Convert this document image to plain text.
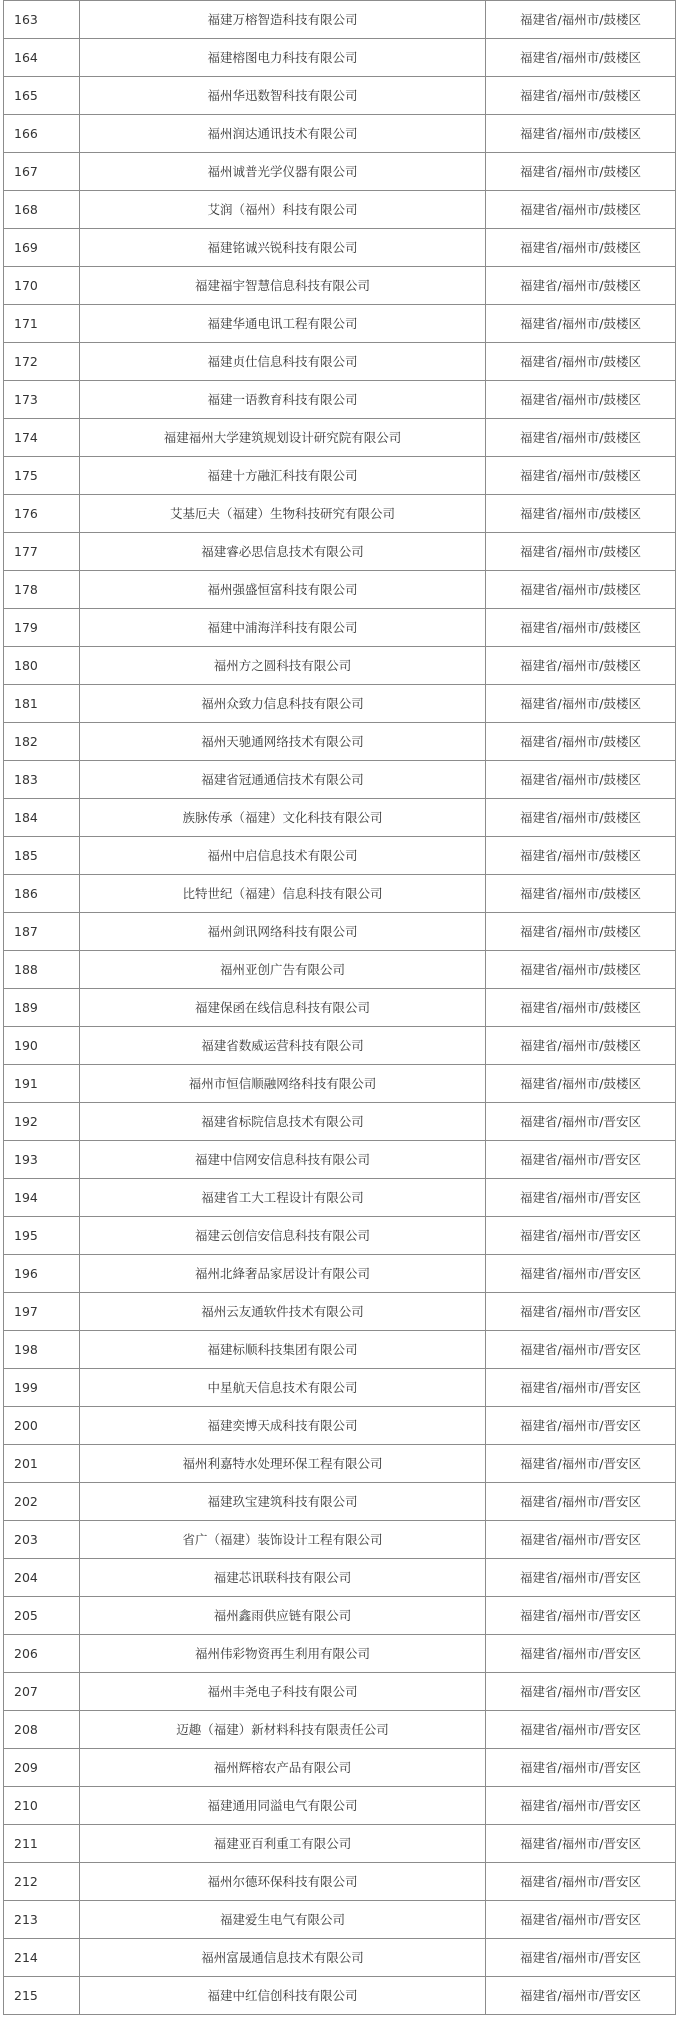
163	福建万榕智造科技有限公司	福建省/福州市/鼓楼区
164	福建榕图电力科技有限公司	福建省/福州市/鼓楼区
165	福州华迅数智科技有限公司	福建省/福州市/鼓楼区
166	福州润达通讯技术有限公司	福建省/福州市/鼓楼区
167	福州诚普光学仪器有限公司	福建省/福州市/鼓楼区
168	艾润（福州）科技有限公司	福建省/福州市/鼓楼区
169	福建铭诚兴锐科技有限公司	福建省/福州市/鼓楼区
170	福建福宇智慧信息科技有限公司	福建省/福州市/鼓楼区
171	福建华通电讯工程有限公司	福建省/福州市/鼓楼区
172	福建贞仕信息科技有限公司	福建省/福州市/鼓楼区
173	福建一语教育科技有限公司	福建省/福州市/鼓楼区
174	福建福州大学建筑规划设计研究院有限公司	福建省/福州市/鼓楼区
175	福建十方融汇科技有限公司	福建省/福州市/鼓楼区
176	艾基厄夫（福建）生物科技研究有限公司	福建省/福州市/鼓楼区
177	福建睿必思信息技术有限公司	福建省/福州市/鼓楼区
178	福州强盛恒富科技有限公司	福建省/福州市/鼓楼区
179	福建中浦海洋科技有限公司	福建省/福州市/鼓楼区
180	福州方之圆科技有限公司	福建省/福州市/鼓楼区
181	福州众致力信息科技有限公司	福建省/福州市/鼓楼区
182	福州天驰通网络技术有限公司	福建省/福州市/鼓楼区
183	福建省冠通通信技术有限公司	福建省/福州市/鼓楼区
184	族脉传承（福建）文化科技有限公司	福建省/福州市/鼓楼区
185	福州中启信息技术有限公司	福建省/福州市/鼓楼区
186	比特世纪（福建）信息科技有限公司	福建省/福州市/鼓楼区
187	福州剑讯网络科技有限公司	福建省/福州市/鼓楼区
188	福州亚创广告有限公司	福建省/福州市/鼓楼区
189	福建保函在线信息科技有限公司	福建省/福州市/鼓楼区
190	福建省数威运营科技有限公司	福建省/福州市/鼓楼区
191	福州市恒信顺融网络科技有限公司	福建省/福州市/鼓楼区
192	福建省标院信息技术有限公司	福建省/福州市/晋安区
193	福建中信网安信息科技有限公司	福建省/福州市/晋安区
194	福建省工大工程设计有限公司	福建省/福州市/晋安区
195	福建云创信安信息科技有限公司	福建省/福州市/晋安区
196	福州北綘奢品家居设计有限公司	福建省/福州市/晋安区
197	福州云友通软件技术有限公司	福建省/福州市/晋安区
198	福建标顺科技集团有限公司	福建省/福州市/晋安区
199	中星航天信息技术有限公司	福建省/福州市/晋安区
200	福建奕博天成科技有限公司	福建省/福州市/晋安区
201	福州利嘉特水处理环保工程有限公司	福建省/福州市/晋安区
202	福建玖宝建筑科技有限公司	福建省/福州市/晋安区
203	省广（福建）装饰设计工程有限公司	福建省/福州市/晋安区
204	福建芯讯联科技有限公司	福建省/福州市/晋安区
205	福州鑫雨供应链有限公司	福建省/福州市/晋安区
206	福州伟彩物资再生利用有限公司	福建省/福州市/晋安区
207	福州丰尧电子科技有限公司	福建省/福州市/晋安区
208	迈趣（福建）新材料科技有限责任公司	福建省/福州市/晋安区
209	福州辉榕农产品有限公司	福建省/福州市/晋安区
210	福建通用同溢电气有限公司	福建省/福州市/晋安区
211	福建亚百利重工有限公司	福建省/福州市/晋安区
212	福州尔德环保科技有限公司	福建省/福州市/晋安区
213	福建爱生电气有限公司	福建省/福州市/晋安区
214	福州富晟通信息技术有限公司	福建省/福州市/晋安区
215	福建中红信创科技有限公司	福建省/福州市/晋安区
